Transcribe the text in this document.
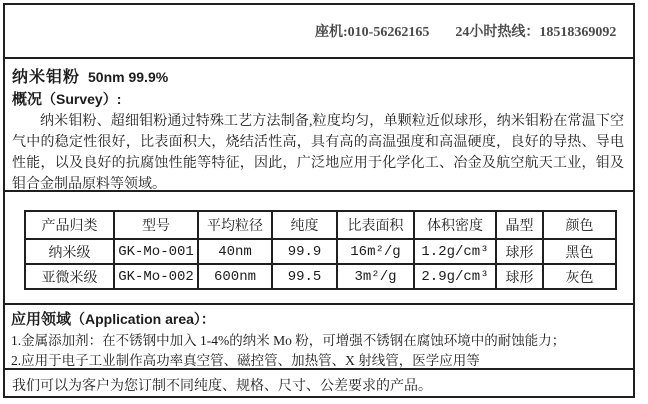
座机:010-56262165 24小时热线：18518369092
纳米钼粉 50nm 99.9%
概况（Survey）:

纳米钼粉、超细钼粉通过特殊工艺方法制备,粒度均匀，单颗粒近似球形，纳米钼粉在常温下空气中的稳定性很好，比表面积大，烧结活性高，具有高的高温强度和高温硬度，良好的导热、导电性能，以及良好的抗腐蚀性能等特征，因此，广泛地应用于化学化工、冶金及航空航天工业，钼及钼合金制品原料等领域。

产品归类	型号	平均粒径	纯度	比表面积	体积密度	晶型	颜色
纳米级	GK-Mo-001	40nm	99.9	16m²/g	1.2g/cm³	球形	黑色
亚微米级	GK-Mo-002	600nm	99.5	3m²/g	2.9g/cm³	球形	灰色
应用领域（Application area）：
1.金属添加剂：在不锈钢中加入 1-4%的纳米 Mo 粉，可增强不锈钢在腐蚀环境中的耐蚀能力；
2.应用于电子工业制作高功率真空管、磁控管、加热管、X 射线管，医学应用等
我们可以为客户为您订制不同纯度、规格、尺寸、公差要求的产品。
